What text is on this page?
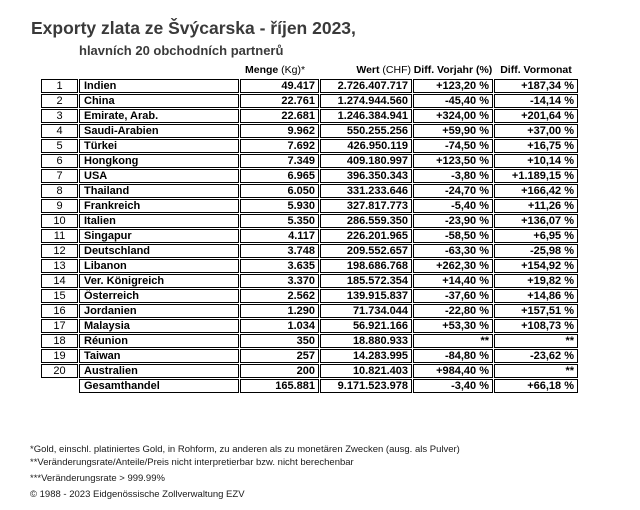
Exporty zlata ze Švýcarska - říjen 2023,
hlavních 20 obchodních partnerů
		Menge (Kg)*	Wert (CHF)	Diff. Vorjahr (%)	Diff. Vormonat
1	Indien	49.417	2.726.407.717	+123,20 %	+187,34 %
2	China	22.761	1.274.944.560	-45,40 %	-14,14 %
3	Emirate, Arab.	22.681	1.246.384.941	+324,00 %	+201,64 %
4	Saudi-Arabien	9.962	550.255.256	+59,90 %	+37,00 %
5	Türkei	7.692	426.950.119	-74,50 %	+16,75 %
6	Hongkong	7.349	409.180.997	+123,50 %	+10,14 %
7	USA	6.965	396.350.343	-3,80 %	+1.189,15 %
8	Thailand	6.050	331.233.646	-24,70 %	+166,42 %
9	Frankreich	5.930	327.817.773	-5,40 %	+11,26 %
10	Italien	5.350	286.559.350	-23,90 %	+136,07 %
11	Singapur	4.117	226.201.965	-58,50 %	+6,95 %
12	Deutschland	3.748	209.552.657	-63,30 %	-25,98 %
13	Libanon	3.635	198.686.768	+262,30 %	+154,92 %
14	Ver. Königreich	3.370	185.572.354	+14,40 %	+19,82 %
15	Österreich	2.562	139.915.837	-37,60 %	+14,86 %
16	Jordanien	1.290	71.734.044	-22,80 %	+157,51 %
17	Malaysia	1.034	56.921.166	+53,30 %	+108,73 %
18	Réunion	350	18.880.933	**	**
19	Taiwan	257	14.283.995	-84,80 %	-23,62 %
20	Australien	200	10.821.403	+984,40 %	**
	Gesamthandel	165.881	9.171.523.978	-3,40 %	+66,18 %
*Gold, einschl. platiniertes Gold, in Rohform, zu anderen als zu monetären Zwecken (ausg. als Pulver)
**Veränderungsrate/Anteile/Preis nicht interpretierbar bzw. nicht berechenbar
***Veränderungsrate > 999.99%
© 1988 - 2023 Eidgenössische Zollverwaltung EZV
